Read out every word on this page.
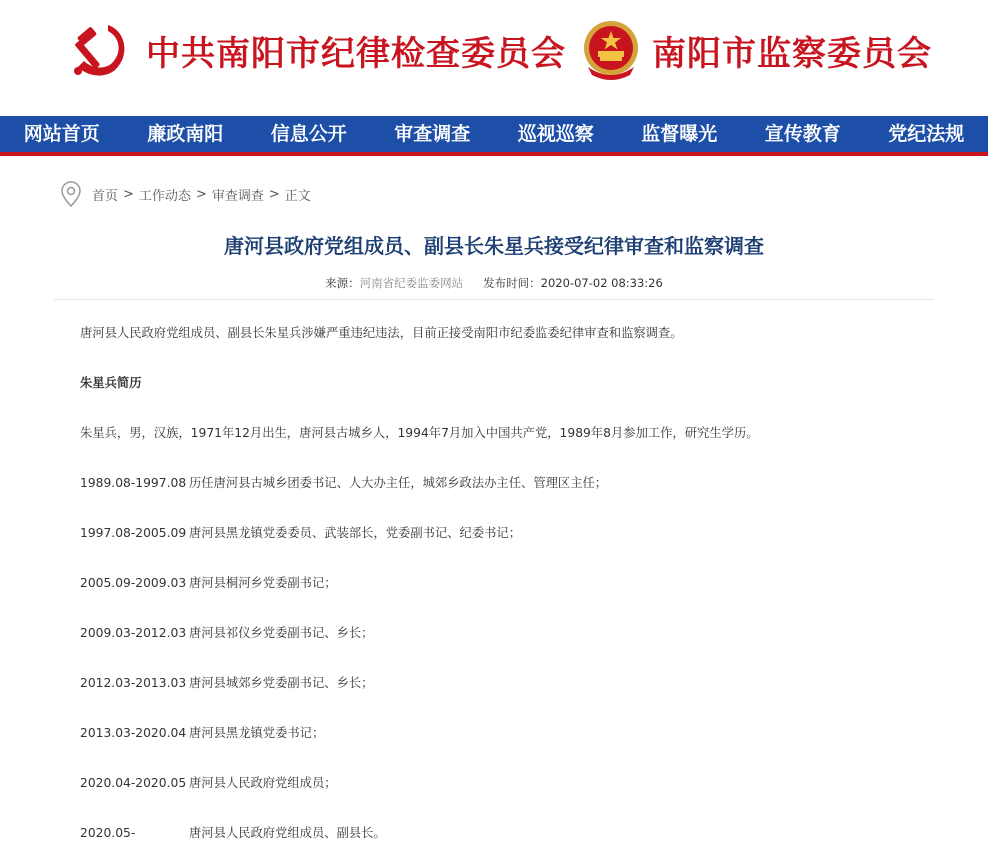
中共南阳市纪律检查委员会	南阳市监察委员会
网站首页	廉政南阳	信息公开	审查调查	巡视巡察	监督曝光	宣传教育	党纪法规
首页 > 工作动态 > 审查调查 > 正文
唐河县政府党组成员、副县长朱星兵接受纪律审查和监察调查
来源：河南省纪委监委网站 发布时间：2020-07-02 08:33:26

唐河县人民政府党组成员、副县长朱星兵涉嫌严重违纪违法，目前正接受南阳市纪委监委纪律审查和监察调查。

朱星兵简历

朱星兵，男，汉族，1971年12月出生，唐河县古城乡人，1994年7月加入中国共产党，1989年8月参加工作，研究生学历。

1989.08-1997.08 历任唐河县古城乡团委书记、人大办主任，城郊乡政法办主任、管理区主任；

1997.08-2005.09 唐河县黑龙镇党委委员、武装部长，党委副书记、纪委书记；

2005.09-2009.03 唐河县桐河乡党委副书记；

2009.03-2012.03 唐河县祁仪乡党委副书记、乡长；

2012.03-2013.03 唐河县城郊乡党委副书记、乡长；

2013.03-2020.04 唐河县黑龙镇党委书记；

2020.04-2020.05 唐河县人民政府党组成员；

2020.05-	唐河县人民政府党组成员、副县长。
